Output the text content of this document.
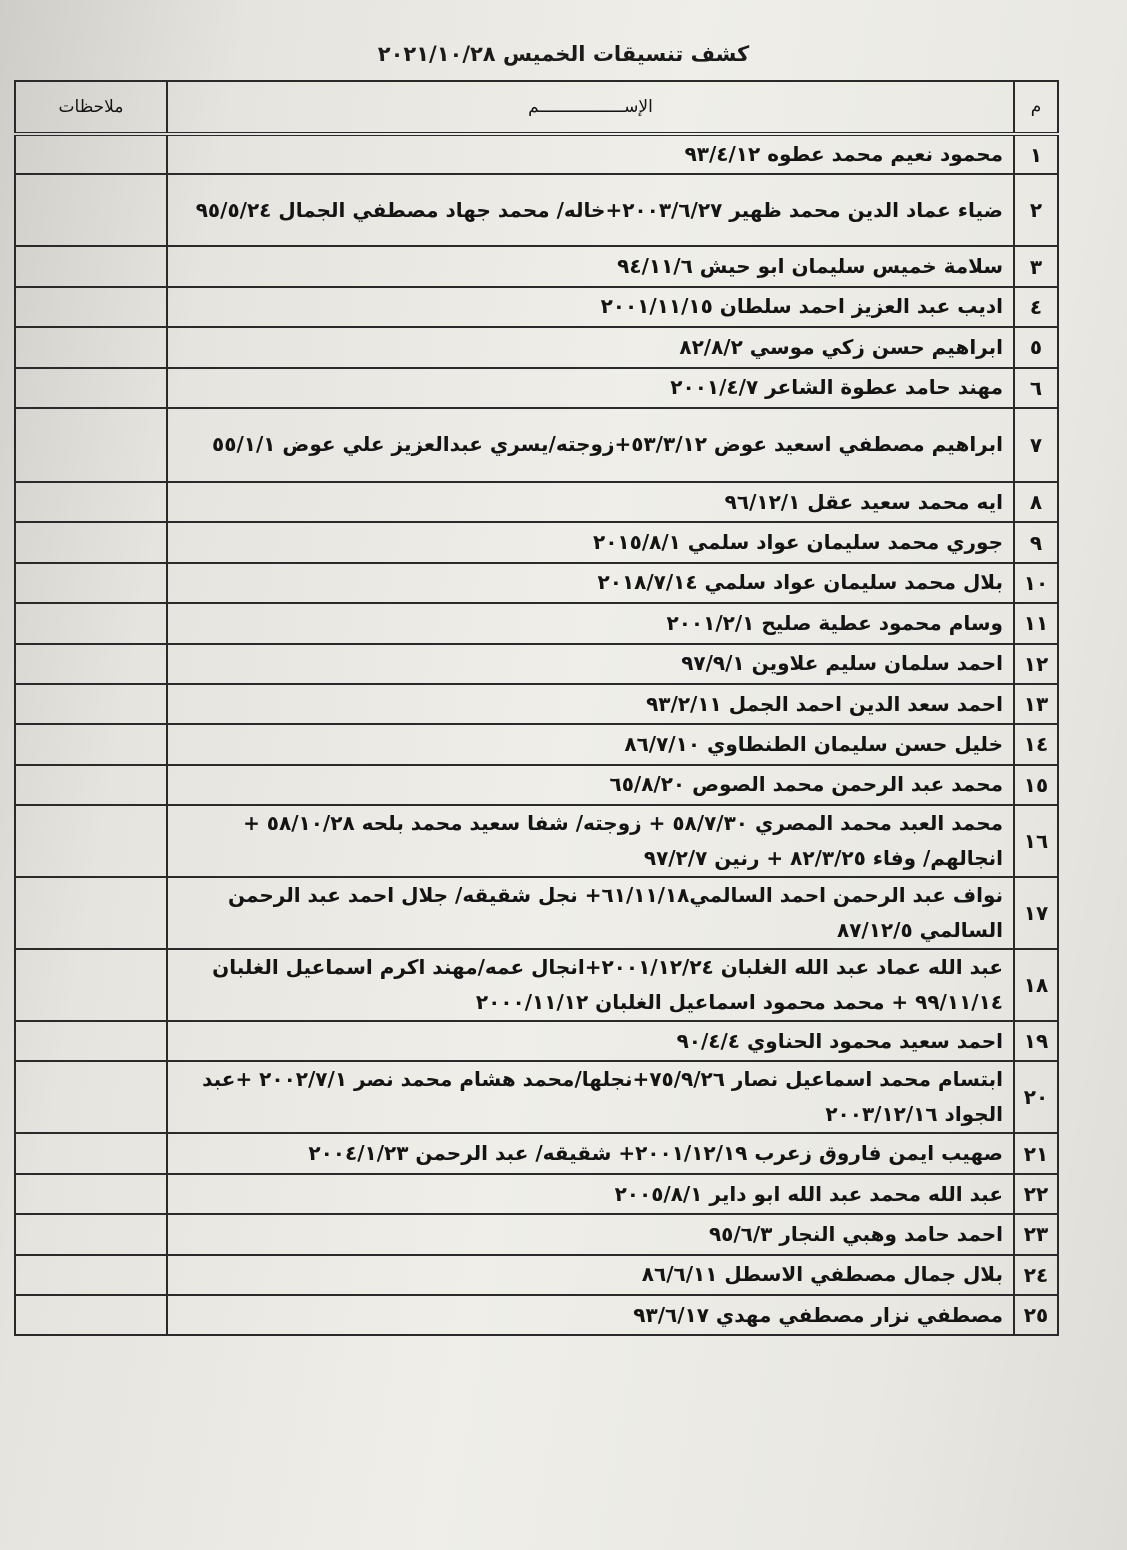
كشف تنسيقات الخميس ٢٠٢١/١٠/٢٨
م	الإســـــــــــــــــم	ملاحظات
١	محمود نعيم محمد عطوه ٩٣/٤/١٢	
٢	ضياء عماد الدين محمد ظهير ٢٠٠٣/٦/٢٧+خاله/ محمد جهاد مصطفي الجمال ٩٥/٥/٢٤	
٣	سلامة خميس سليمان ابو حيش ٩٤/١١/٦	
٤	اديب عبد العزيز احمد سلطان ٢٠٠١/١١/١٥	
٥	ابراهيم حسن زكي موسي ٨٢/٨/٢	
٦	مهند حامد عطوة الشاعر ٢٠٠١/٤/٧	
٧	ابراهيم مصطفي اسعيد عوض ٥٣/٣/١٢+زوجته/يسري عبدالعزيز علي عوض ٥٥/١/١	
٨	ايه محمد سعيد عقل ٩٦/١٢/١	
٩	جوري محمد سليمان عواد سلمي ٢٠١٥/٨/١	
١٠	بلال محمد سليمان عواد سلمي ٢٠١٨/٧/١٤	
١١	وسام محمود عطية صليح ٢٠٠١/٢/١	
١٢	احمد سلمان سليم علاوين ٩٧/٩/١	
١٣	احمد سعد الدين احمد الجمل ٩٣/٢/١١	
١٤	خليل حسن سليمان الطنطاوي ٨٦/٧/١٠	
١٥	محمد عبد الرحمن محمد الصوص ٦٥/٨/٢٠	
١٦	محمد العبد محمد المصري ٥٨/٧/٣٠ + زوجته/ شفا سعيد محمد بلحه ٥٨/١٠/٢٨ + انجالهم/ وفاء ٨٢/٣/٢٥ + رنين ٩٧/٢/٧	
١٧	نواف عبد الرحمن احمد السالمي٦١/١١/١٨+ نجل شقيقه/ جلال احمد عبد الرحمن السالمي ٨٧/١٢/٥	
١٨	عبد الله عماد عبد الله الغلبان ٢٠٠١/١٢/٢٤+انجال عمه/مهند اكرم اسماعيل الغلبان ٩٩/١١/١٤ + محمد محمود اسماعيل الغلبان ٢٠٠٠/١١/١٢	
١٩	احمد سعيد محمود الحناوي ٩٠/٤/٤	
٢٠	ابتسام محمد اسماعيل نصار ٧٥/٩/٢٦+نجلها/محمد هشام محمد نصر ٢٠٠٢/٧/١ +عبد الجواد ٢٠٠٣/١٢/١٦	
٢١	صهيب ايمن فاروق زعرب ٢٠٠١/١٢/١٩+ شقيقه/ عبد الرحمن ٢٠٠٤/١/٢٣	
٢٢	عبد الله محمد عبد الله ابو داير ٢٠٠٥/٨/١	
٢٣	احمد حامد وهبي النجار ٩٥/٦/٣	
٢٤	بلال جمال مصطفي الاسطل ٨٦/٦/١١	
٢٥	مصطفي نزار مصطفي مهدي ٩٣/٦/١٧	
